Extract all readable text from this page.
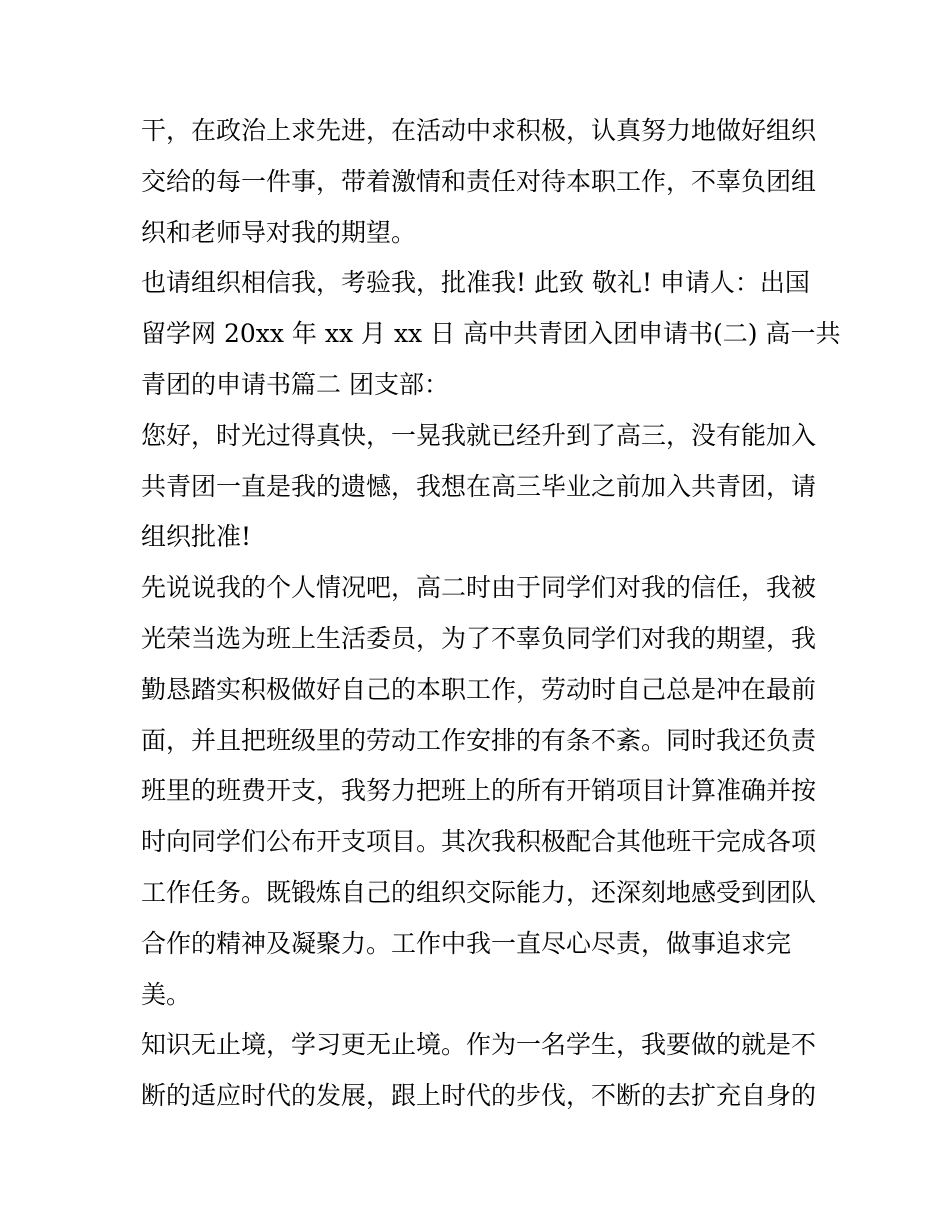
干，在政治上求先进，在活动中求积极，认真努力地做好组织
交给的每一件事，带着激情和责任对待本职工作，不辜负团组
织和老师导对我的期望。
也请组织相信我，考验我，批准我! 此致 敬礼! 申请人：出国
留学网 20xx 年 xx 月 xx 日 高中共青团入团申请书(二) 高一共
青团的申请书篇二 团支部：
您好，时光过得真快，一晃我就已经升到了高三，没有能加入
共青团一直是我的遗憾，我想在高三毕业之前加入共青团，请
组织批准!
先说说我的个人情况吧，高二时由于同学们对我的信任，我被
光荣当选为班上生活委员，为了不辜负同学们对我的期望，我
勤恳踏实积极做好自己的本职工作，劳动时自己总是冲在最前
面，并且把班级里的劳动工作安排的有条不紊。同时我还负责
班里的班费开支，我努力把班上的所有开销项目计算准确并按
时向同学们公布开支项目。其次我积极配合其他班干完成各项
工作任务。既锻炼自己的组织交际能力，还深刻地感受到团队
合作的精神及凝聚力。工作中我一直尽心尽责，做事追求完
美。
知识无止境，学习更无止境。作为一名学生，我要做的就是不
断的适应时代的发展，跟上时代的步伐，不断的去扩充自身的
